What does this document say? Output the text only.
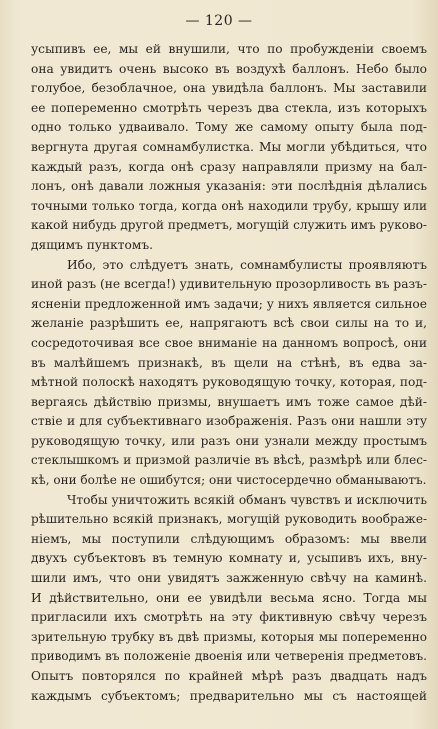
— 120 —
усыпивъ ее, мы ей внушили, что по пробужденіи своемъ
она увидитъ очень высоко въ воздухѣ баллонъ. Небо было
голубое, безоблачное, она увидѣла баллонъ. Мы заставили
ее попеременно смотрѣть черезъ два стекла, изъ которыхъ
одно только удваивало. Тому же самому опыту была под-
вергнута другая сомнамбулистка. Мы могли убѣдиться, что
каждый разъ, когда онѣ сразу направляли призму на бал-
лонъ, онѣ давали ложныя указанія: эти послѣднія дѣлались
точными только тогда, когда онѣ находили трубу, крышу или
какой нибудь другой предметъ, могущій служить имъ руково-
дящимъ пунктомъ.
Ибо, это слѣдуетъ знать, сомнамбулисты проявляютъ
иной разъ (не всегда!) удивительную прозорливость въ разъ-
ясненіи предложенной имъ задачи; у нихъ является сильное
желаніе разрѣшить ее, напрягаютъ всѣ свои силы на то и,
сосредоточивая все свое вниманіе на данномъ вопросѣ, они
въ малѣйшемъ признакѣ, въ щели на стѣнѣ, въ едва за-
мѣтной полоскѣ находятъ руководящую точку, которая, под-
вергаясь дѣйствію призмы, внушаетъ имъ тоже самое дѣй-
ствіе и для субъективнаго изображенія. Разъ они нашли эту
руководящую точку, или разъ они узнали между простымъ
стеклышкомъ и призмой различіе въ вѣсѣ, размѣрѣ или блес-
кѣ, они болѣе не ошибутся; они чистосердечно обманываютъ.
Чтобы уничтожить всякій обманъ чувствъ и исключить
рѣшительно всякій признакъ, могущій руководить воображе-
ніемъ, мы поступили слѣдующимъ образомъ: мы ввели
двухъ субъектовъ въ темную комнату и, усыпивъ ихъ, вну-
шили имъ, что они увидятъ зажженную свѣчу на каминѣ.
И дѣйствительно, они ее увидѣли весьма ясно. Тогда мы
пригласили ихъ смотрѣть на эту фиктивную свѣчу черезъ
зрительную трубку въ двѣ призмы, которыя мы попеременно
приводимъ въ положеніе двоенія или четверенія предметовъ.
Опытъ повторялся по крайней мѣрѣ разъ двадцать надъ
каждымъ субъектомъ; предварительно мы съ настоящей
